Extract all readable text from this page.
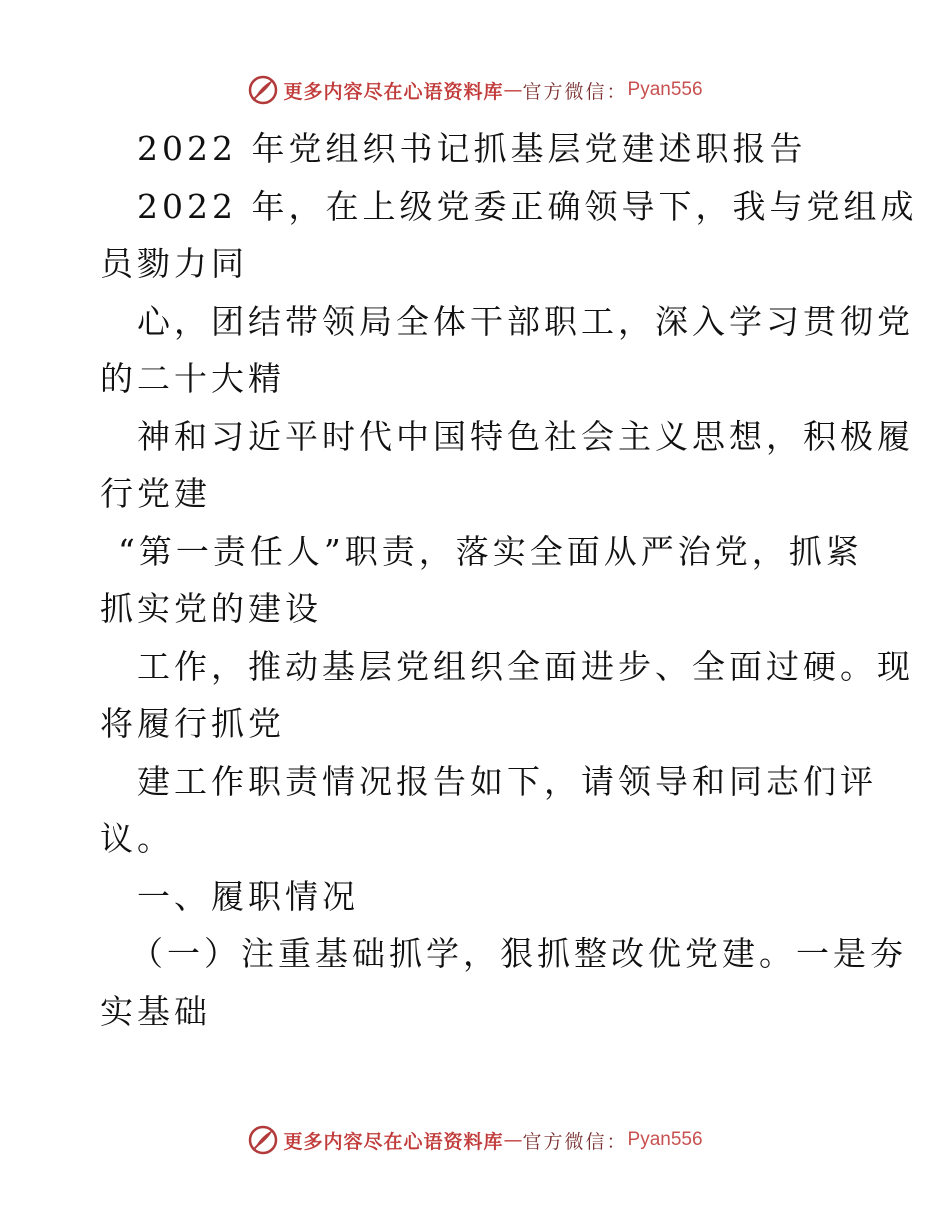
更多内容尽在心语资料库 — 官方微信 ： Pyan556
2022 年党组织书记抓基层党建述职报告
2022 年，在上级党委正确领导下，我与党组成
员勠力同
心，团结带领局全体干部职工，深入学习贯彻党
的二十大精
神和习近平时代中国特色社会主义思想，积极履
行党建
“第一责任人”职责，落实全面从严治党，抓紧
抓实党的建设
工作，推动基层党组织全面进步、全面过硬。现
将履行抓党
建工作职责情况报告如下，请领导和同志们评
议。
一、履职情况
（一）注重基础抓学，狠抓整改优党建。一是夯
实基础
更多内容尽在心语资料库 — 官方微信 ： Pyan556
